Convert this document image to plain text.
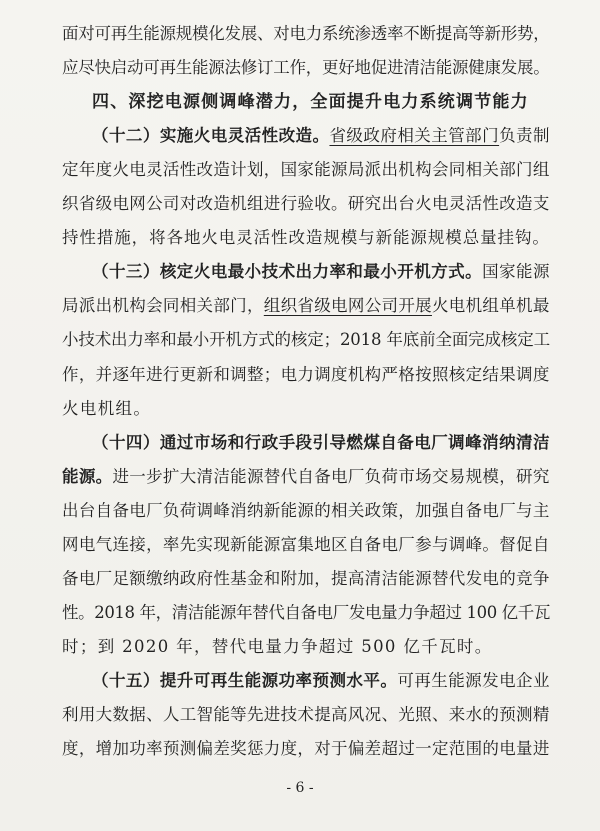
面对可再生能源规模化发展、对电力系统渗透率不断提高等新形势，
应尽快启动可再生能源法修订工作，更好地促进清洁能源健康发展。
四、深挖电源侧调峰潜力，全面提升电力系统调节能力
（十二）实施火电灵活性改造。省级政府相关主管部门负责制
定年度火电灵活性改造计划，国家能源局派出机构会同相关部门组
织省级电网公司对改造机组进行验收。研究出台火电灵活性改造支
持性措施，将各地火电灵活性改造规模与新能源规模总量挂钩。
（十三）核定火电最小技术出力率和最小开机方式。国家能源
局派出机构会同相关部门，组织省级电网公司开展火电机组单机最
小技术出力率和最小开机方式的核定；2018 年底前全面完成核定工
作，并逐年进行更新和调整；电力调度机构严格按照核定结果调度
火电机组。
（十四）通过市场和行政手段引导燃煤自备电厂调峰消纳清洁
能源。进一步扩大清洁能源替代自备电厂负荷市场交易规模，研究
出台自备电厂负荷调峰消纳新能源的相关政策，加强自备电厂与主
网电气连接，率先实现新能源富集地区自备电厂参与调峰。督促自
备电厂足额缴纳政府性基金和附加，提高清洁能源替代发电的竞争
性。2018 年，清洁能源年替代自备电厂发电量力争超过 100 亿千瓦
时；到 2020 年，替代电量力争超过 500 亿千瓦时。
（十五）提升可再生能源功率预测水平。可再生能源发电企业
利用大数据、人工智能等先进技术提高风况、光照、来水的预测精
度，增加功率预测偏差奖惩力度，对于偏差超过一定范围的电量进
- 6 -
